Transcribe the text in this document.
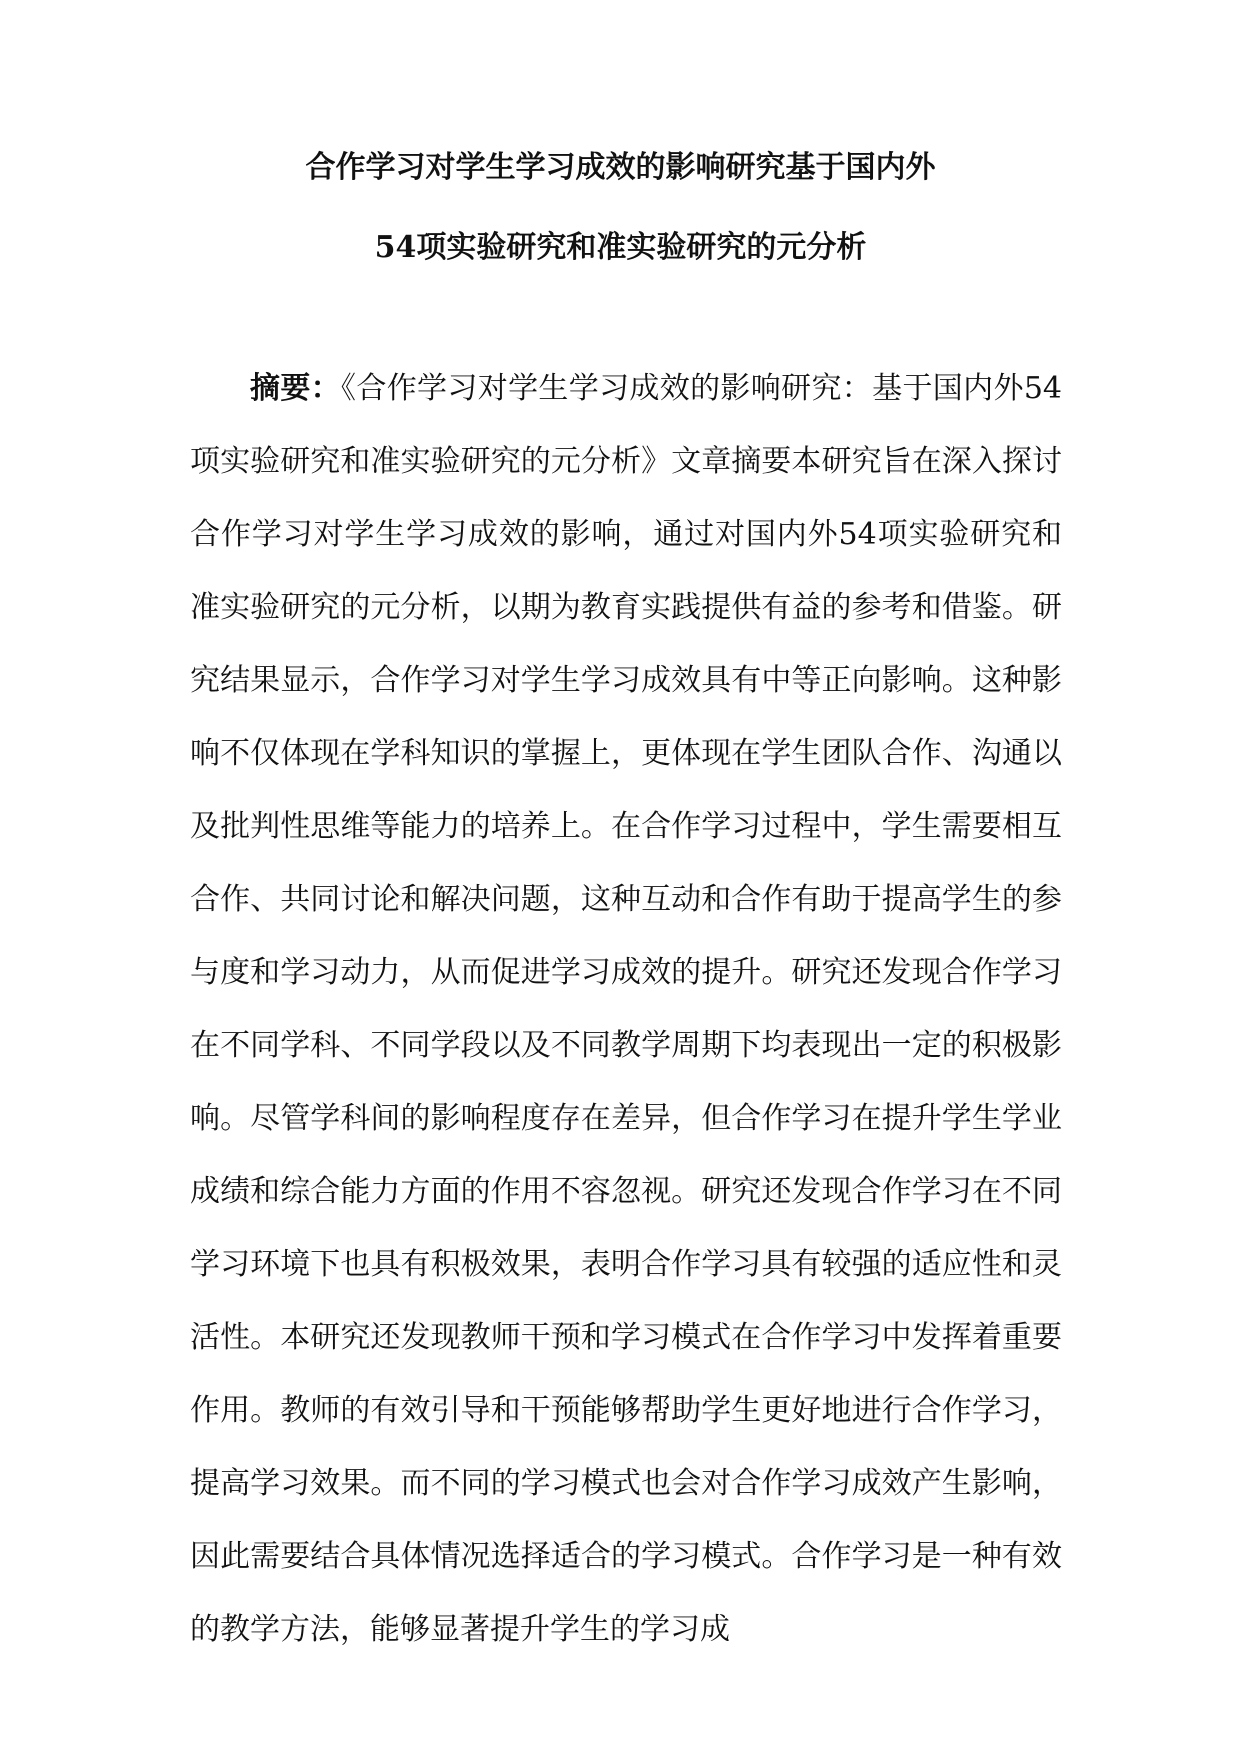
合作学习对学生学习成效的影响研究基于国内外
54项实验研究和准实验研究的元分析

摘要：《合作学习对学生学习成效的影响研究：基于国内外54项实验研究和准实验研究的元分析》文章摘要本研究旨在深入探讨合作学习对学生学习成效的影响，通过对国内外54项实验研究和准实验研究的元分析，以期为教育实践提供有益的参考和借鉴。研究结果显示，合作学习对学生学习成效具有中等正向影响。这种影响不仅体现在学科知识的掌握上，更体现在学生团队合作、沟通以及批判性思维等能力的培养上。在合作学习过程中，学生需要相互合作、共同讨论和解决问题，这种互动和合作有助于提高学生的参与度和学习动力，从而促进学习成效的提升。研究还发现合作学习在不同学科、不同学段以及不同教学周期下均表现出一定的积极影响。尽管学科间的影响程度存在差异，但合作学习在提升学生学业成绩和综合能力方面的作用不容忽视。研究还发现合作学习在不同学习环境下也具有积极效果，表明合作学习具有较强的适应性和灵活性。本研究还发现教师干预和学习模式在合作学习中发挥着重要作用。教师的有效引导和干预能够帮助学生更好地进行合作学习，提高学习效果。而不同的学习模式也会对合作学习成效产生影响，因此需要结合具体情况选择适合的学习模式。合作学习是一种有效的教学方法，能够显著提升学生的学习成
